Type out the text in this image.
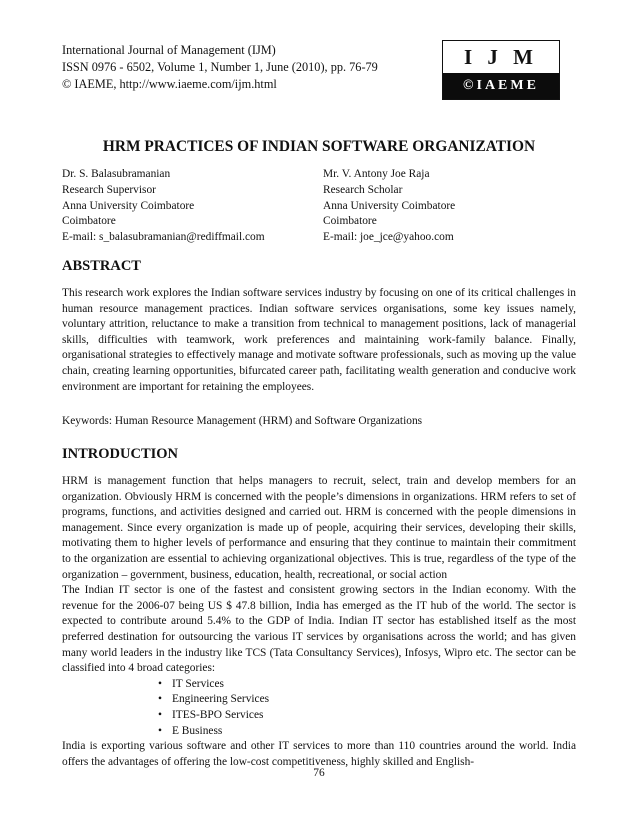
International Journal of Management (IJM)
ISSN 0976 - 6502, Volume 1, Number 1, June (2010), pp. 76-79
© IAEME, http://www.iaeme.com/ijm.html
I J M
©IAEME
HRM PRACTICES OF INDIAN SOFTWARE ORGANIZATION
Dr. S. Balasubramanian
Research Supervisor
Anna University Coimbatore
Coimbatore
E-mail: s_balasubramanian@rediffmail.com
Mr. V. Antony Joe Raja
Research Scholar
Anna University Coimbatore
Coimbatore
E-mail: joe_jce@yahoo.com
ABSTRACT

This research work explores the Indian software services industry by focusing on one of its critical challenges in human resource management practices. Indian software services organisations, some key issues namely, voluntary attrition, reluctance to make a transition from technical to management positions, lack of managerial skills, difficulties with teamwork, work preferences and maintaining work-family balance. Finally, organisational strategies to effectively manage and motivate software professionals, such as moving up the value chain, creating learning opportunities, bifurcated career path, facilitating wealth generation and conducive work environment are important for retaining the employees.

Keywords: Human Resource Management (HRM) and Software Organizations

INTRODUCTION

HRM is management function that helps managers to recruit, select, train and develop members for an organization. Obviously HRM is concerned with the people’s dimensions in organizations. HRM refers to set of programs, functions, and activities designed and carried out. HRM is concerned with the people dimensions in management. Since every organization is made up of people, acquiring their services, developing their skills, motivating them to higher levels of performance and ensuring that they continue to maintain their commitment to the organization are essential to achieving organizational objectives. This is true, regardless of the type of the organization – government, business, education, health, recreational, or social action

The Indian IT sector is one of the fastest and consistent growing sectors in the Indian economy. With the revenue for the 2006-07 being US $ 47.8 billion, India has emerged as the IT hub of the world. The sector is expected to contribute around 5.4% to the GDP of India. Indian IT sector has established itself as the most preferred destination for outsourcing the various IT services by organisations across the world; and has given many world leaders in the industry like TCS (Tata Consultancy Services), Infosys, Wipro etc. The sector can be classified into 4 broad categories:

• IT Services
• Engineering Services
• ITES-BPO Services
• E Business

India is exporting various software and other IT services to more than 110 countries around the world. India offers the advantages of offering the low-cost competitiveness, highly skilled and English-

76
